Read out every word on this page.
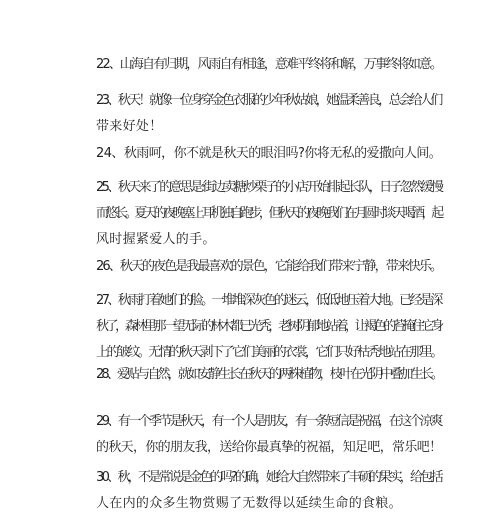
22、山海自有归期，风雨自有相逢，意难平终将和解，万事终将如意。

23、秋天！就像一位身穿金色衣服的少年秋姑娘，她温柔善良，总会给人们
带来好处！

24、秋雨呵，你不就是秋天的眼泪吗?你将无私的爱撒向人间。

25、秋天来了的意思是:街边卖糖炒栗子的小店开始排起长队，日子忽然缓慢
而悠长。夏天的夜晚塞上耳机独自跑步，但秋天的夜晚我们在月圆时谈天喝酒，起
风时握紧爱人的手。

26、秋天的夜色是我最喜欢的景色，它能给我们带来宁静，带来快乐。

27、秋雨打着她们的脸。一堆堆深灰色的迷云，低低地压着大地。已经是深
秋了，森林里那一望无际的林木都已光秃，老树阴郁地站着，让褐色的苔掩住它身
上的皱纹。无情的秋天剥下了它们美丽的衣裳，它们只好枯秃地站在那里。

28、爱贴与自然，就如安静生长在秋天的两株植物，枝叶在光阴中叠加生长。

29、有一个季节是秋天，有一个人是朋友，有一条短信是祝福，在这个凉爽
的秋天，你的朋友我，送给你最真挚的祝福，知足吧，常乐吧！

30、秋，不是常说是金色的吗?的确，她给大自然带来了丰硕的果实，给包括
人在内的众多生物赏赐了无数得以延续生命的食粮。
